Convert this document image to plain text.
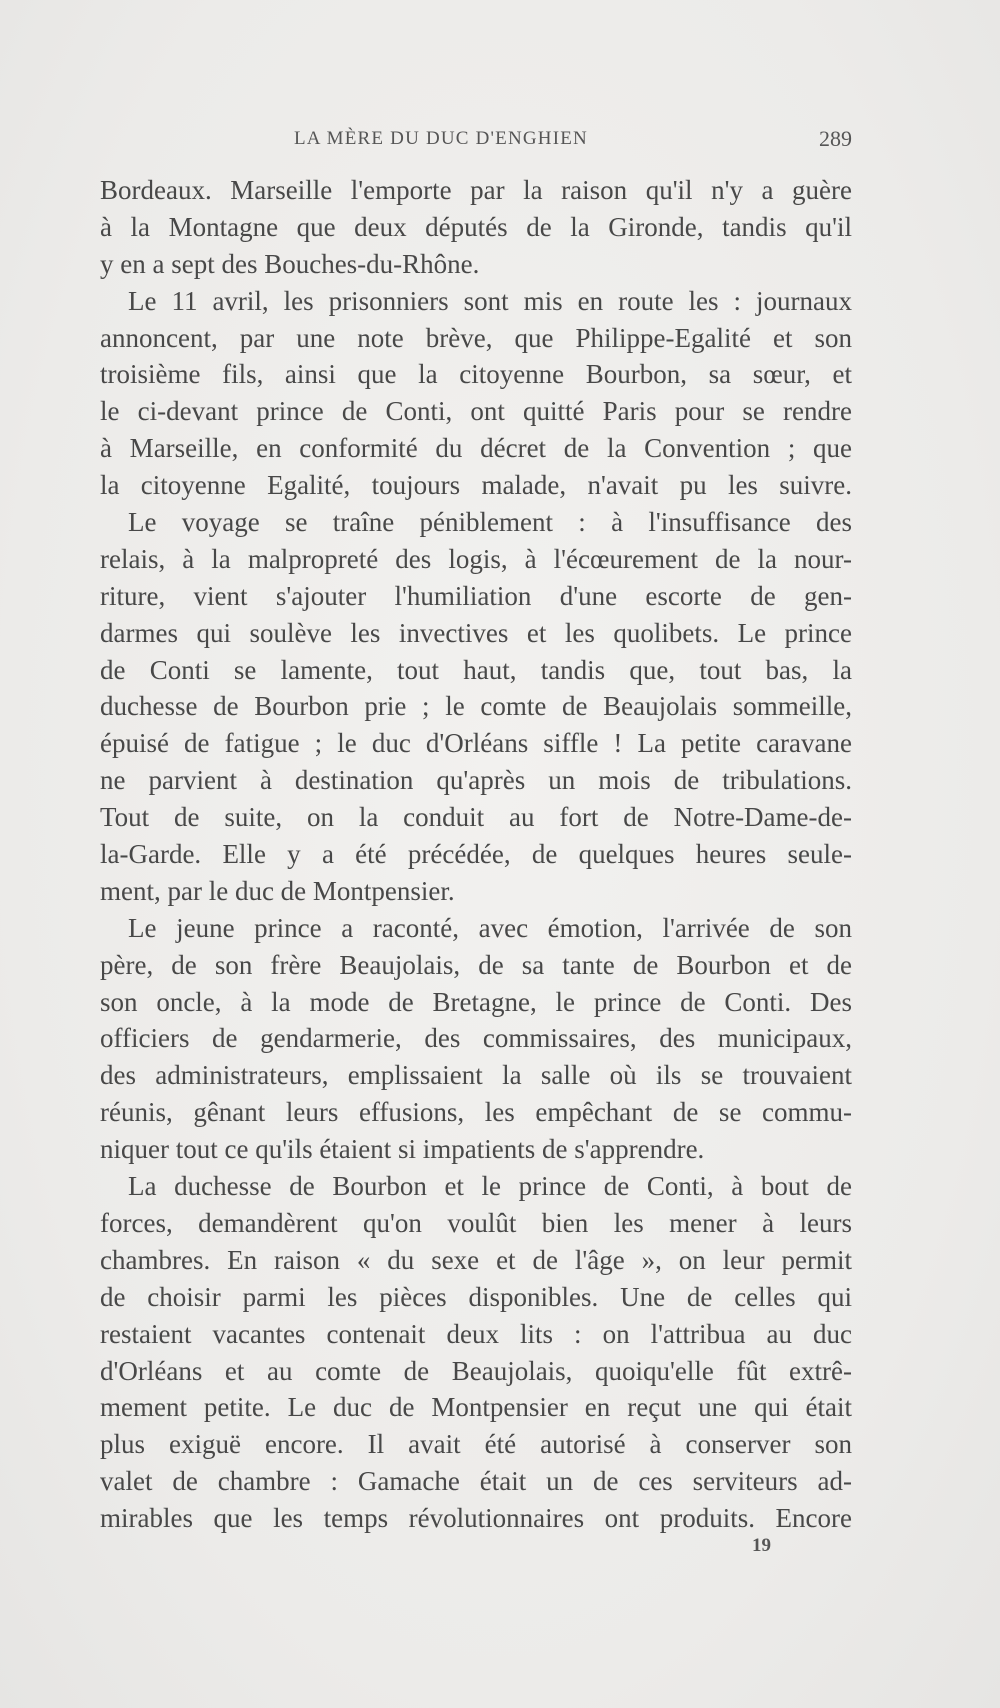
LA MÈRE DU DUC D'ENGHIEN	289
Bordeaux. Marseille l'emporte par la raison qu'il n'y a guère
à la Montagne que deux députés de la Gironde, tandis qu'il
y en a sept des Bouches-du-Rhône.
Le 11 avril, les prisonniers sont mis en route les : journaux
annoncent, par une note brève, que Philippe-Egalité et son
troisième fils, ainsi que la citoyenne Bourbon, sa sœur, et
le ci-devant prince de Conti, ont quitté Paris pour se rendre
à Marseille, en conformité du décret de la Convention ; que
la citoyenne Egalité, toujours malade, n'avait pu les suivre.
Le voyage se traîne péniblement : à l'insuffisance des
relais, à la malpropreté des logis, à l'écœurement de la nour-
riture, vient s'ajouter l'humiliation d'une escorte de gen-
darmes qui soulève les invectives et les quolibets. Le prince
de Conti se lamente, tout haut, tandis que, tout bas, la
duchesse de Bourbon prie ; le comte de Beaujolais sommeille,
épuisé de fatigue ; le duc d'Orléans siffle ! La petite caravane
ne parvient à destination qu'après un mois de tribulations.
Tout de suite, on la conduit au fort de Notre-Dame-de-
la-Garde. Elle y a été précédée, de quelques heures seule-
ment, par le duc de Montpensier.
Le jeune prince a raconté, avec émotion, l'arrivée de son
père, de son frère Beaujolais, de sa tante de Bourbon et de
son oncle, à la mode de Bretagne, le prince de Conti. Des
officiers de gendarmerie, des commissaires, des municipaux,
des administrateurs, emplissaient la salle où ils se trouvaient
réunis, gênant leurs effusions, les empêchant de se commu-
niquer tout ce qu'ils étaient si impatients de s'apprendre.
La duchesse de Bourbon et le prince de Conti, à bout de
forces, demandèrent qu'on voulût bien les mener à leurs
chambres. En raison « du sexe et de l'âge », on leur permit
de choisir parmi les pièces disponibles. Une de celles qui
restaient vacantes contenait deux lits : on l'attribua au duc
d'Orléans et au comte de Beaujolais, quoiqu'elle fût extrê-
mement petite. Le duc de Montpensier en reçut une qui était
plus exiguë encore. Il avait été autorisé à conserver son
valet de chambre : Gamache était un de ces serviteurs ad-
mirables que les temps révolutionnaires ont produits. Encore
19
